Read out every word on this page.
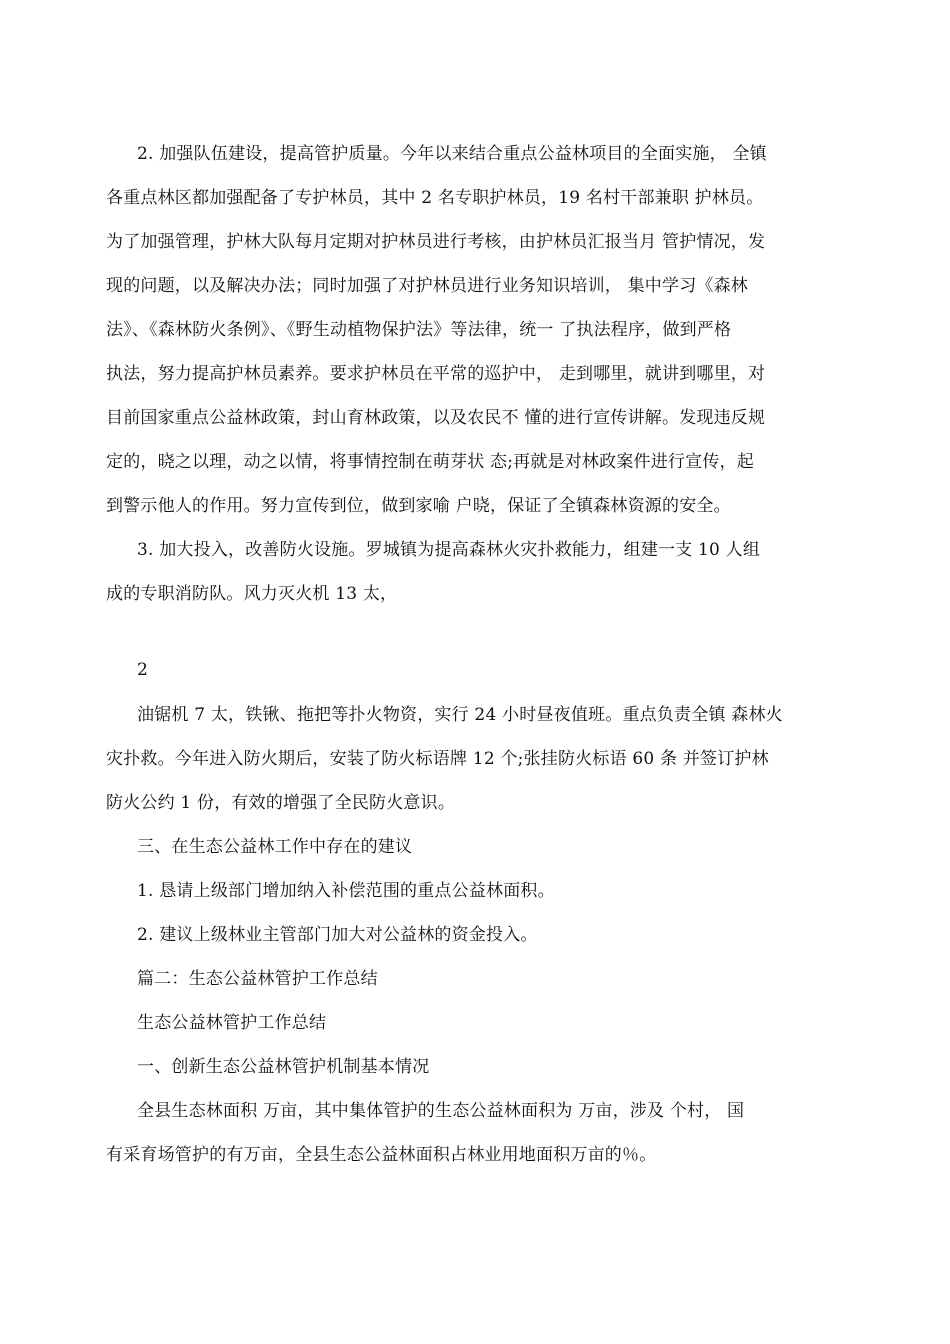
2. 加强队伍建设，提高管护质量。今年以来结合重点公益林项目的全面实施， 全镇
各重点林区都加强配备了专护林员，其中 2 名专职护林员，19 名村干部兼职 护林员。
为了加强管理，护林大队每月定期对护林员进行考核，由护林员汇报当月 管护情况，发
现的问题，以及解决办法；同时加强了对护林员进行业务知识培训， 集中学习《森林
法》、《森林防火条例》、《野生动植物保护法》等法律，统一 了执法程序，做到严格
执法，努力提高护林员素养。要求护林员在平常的巡护中， 走到哪里，就讲到哪里，对
目前国家重点公益林政策，封山育林政策，以及农民不 懂的进行宣传讲解。发现违反规
定的，晓之以理，动之以情，将事情控制在萌芽状 态;再就是对林政案件进行宣传，起
到警示他人的作用。努力宣传到位，做到家喻 户晓，保证了全镇森林资源的安全。
3. 加大投入，改善防火设施。罗城镇为提高森林火灾扑救能力，组建一支 10 人组
成的专职消防队。风力灭火机 13 太，
2
油锯机 7 太，铁锹、拖把等扑火物资，实行 24 小时昼夜值班。重点负责全镇 森林火
灾扑救。今年进入防火期后，安装了防火标语牌 12 个;张挂防火标语 60 条 并签订护林
防火公约 1 份，有效的增强了全民防火意识。
三、在生态公益林工作中存在的建议
1. 恳请上级部门增加纳入补偿范围的重点公益林面积。
2. 建议上级林业主管部门加大对公益林的资金投入。
篇二：生态公益林管护工作总结
生态公益林管护工作总结
一、创新生态公益林管护机制基本情况
全县生态林面积 万亩，其中集体管护的生态公益林面积为 万亩，涉及 个村， 国
有采育场管护的有万亩，全县生态公益林面积占林业用地面积万亩的％。
